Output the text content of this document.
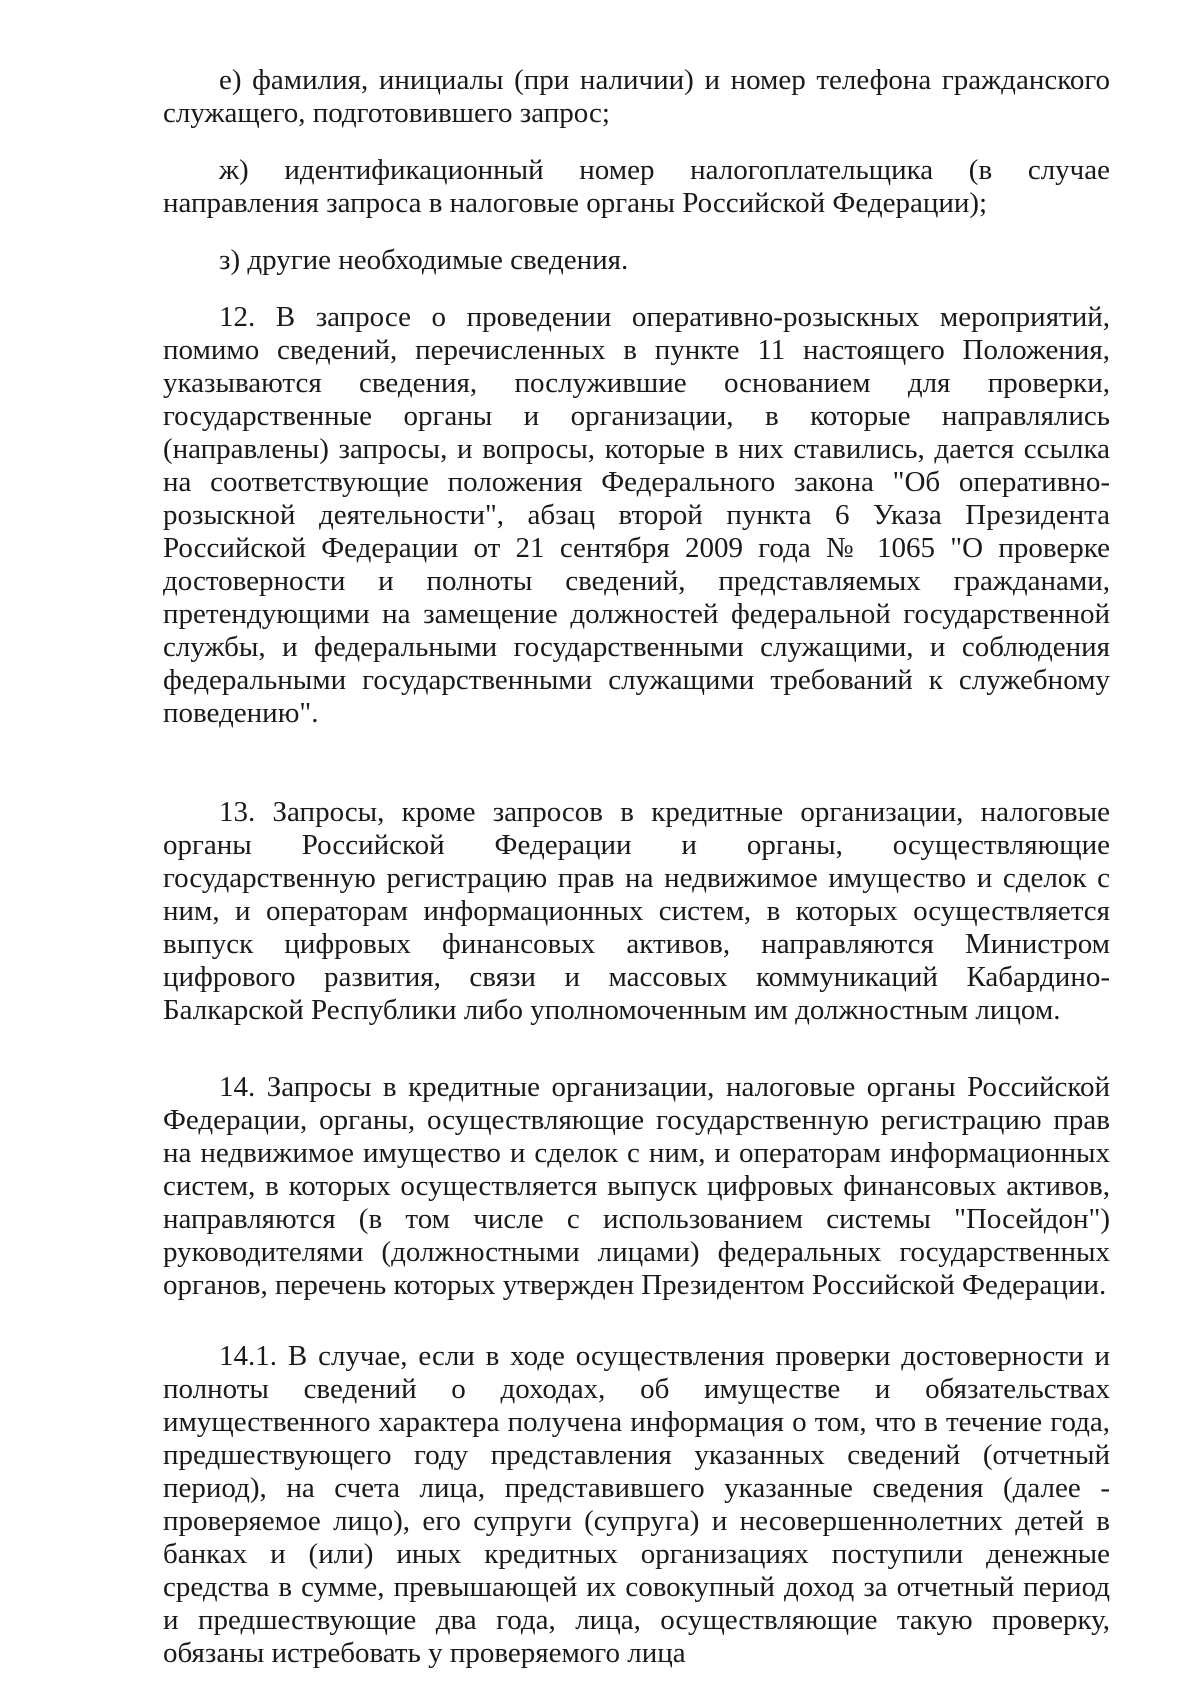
е) фамилия, инициалы (при наличии) и номер телефона гражданского служащего, подготовившего запрос;

ж) идентификационный номер налогоплательщика (в случае направления запроса в налоговые органы Российской Федерации);

з) другие необходимые сведения.

12. В запросе о проведении оперативно-розыскных мероприятий, помимо сведений, перечисленных в пункте 11 настоящего Положения, указываются сведения, послужившие основанием для проверки, государственные органы и организации, в которые направлялись (направлены) запросы, и вопросы, которые в них ставились, дается ссылка на соответствующие положения Федерального закона "Об оперативно-розыскной деятельности", абзац второй пункта 6 Указа Президента Российской Федерации от 21 сентября 2009 года № 1065 "О проверке достоверности и полноты сведений, представляемых гражданами, претендующими на замещение должностей федеральной государственной службы, и федеральными государственными служащими, и соблюдения федеральными государственными служащими требований к служебному поведению".

13. Запросы, кроме запросов в кредитные организации, налоговые органы Российской Федерации и органы, осуществляющие государственную регистрацию прав на недвижимое имущество и сделок с ним, и операторам информационных систем, в которых осуществляется выпуск цифровых финансовых активов, направляются Министром цифрового развития, связи и массовых коммуникаций Кабардино-Балкарской Республики либо уполномоченным им должностным лицом.

14. Запросы в кредитные организации, налоговые органы Российской Федерации, органы, осуществляющие государственную регистрацию прав на недвижимое имущество и сделок с ним, и операторам информационных систем, в которых осуществляется выпуск цифровых финансовых активов, направляются (в том числе с использованием системы "Посейдон") руководителями (должностными лицами) федеральных государственных органов, перечень которых утвержден Президентом Российской Федерации.

14.1. В случае, если в ходе осуществления проверки достоверности и полноты сведений о доходах, об имуществе и обязательствах имущественного характера получена информация о том, что в течение года, предшествующего году представления указанных сведений (отчетный период), на счета лица, представившего указанные сведения (далее - проверяемое лицо), его супруги (супруга) и несовершеннолетних детей в банках и (или) иных кредитных организациях поступили денежные средства в сумме, превышающей их совокупный доход за отчетный период и предшествующие два года, лица, осуществляющие такую проверку, обязаны истребовать у проверяемого лица
